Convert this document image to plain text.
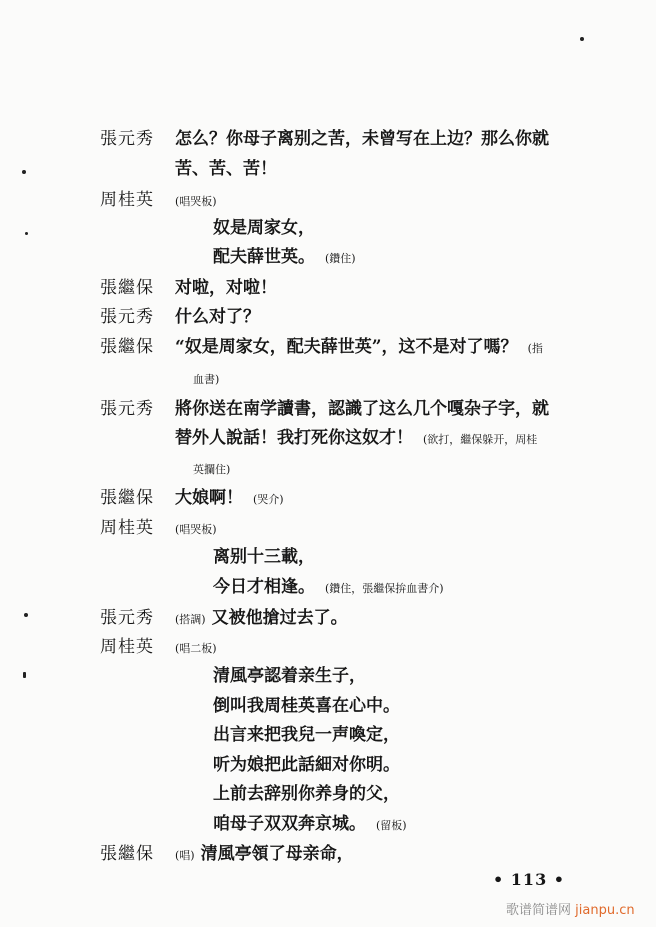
• 113 •
歌谱简谱网 jianpu.cn
張元秀 怎么？你母子离别之苦，未曾写在上边？那么你就
苦、苦、苦！
周桂英 (唱哭板)
奴是周家女，
配夫薛世英。 (鑽住)
張繼保 对啦，对啦！
張元秀 什么对了？
張繼保 “奴是周家女，配夫薛世英”，这不是对了嗎？ (指
血書)
張元秀 將你送在南学讀書，認識了这么几个嘎杂子字，就
替外人說話！我打死你这奴才！ (欲打，繼保躲开，周桂
英攔住)
張繼保 大娘啊！ (哭介)
周桂英 (唱哭板)
离别十三載，
今日才相逢。 (鑽住，張繼保拚血書介)
張元秀 (搭調) 又被他搶过去了。
周桂英 (唱二板)
清風亭認着亲生子，
倒叫我周桂英喜在心中。
出言来把我兒一声喚定，
听为娘把此話細对你明。
上前去辞别你养身的父，
咱母子双双奔京城。 (留板)
張繼保 (唱) 清風亭領了母亲命，
